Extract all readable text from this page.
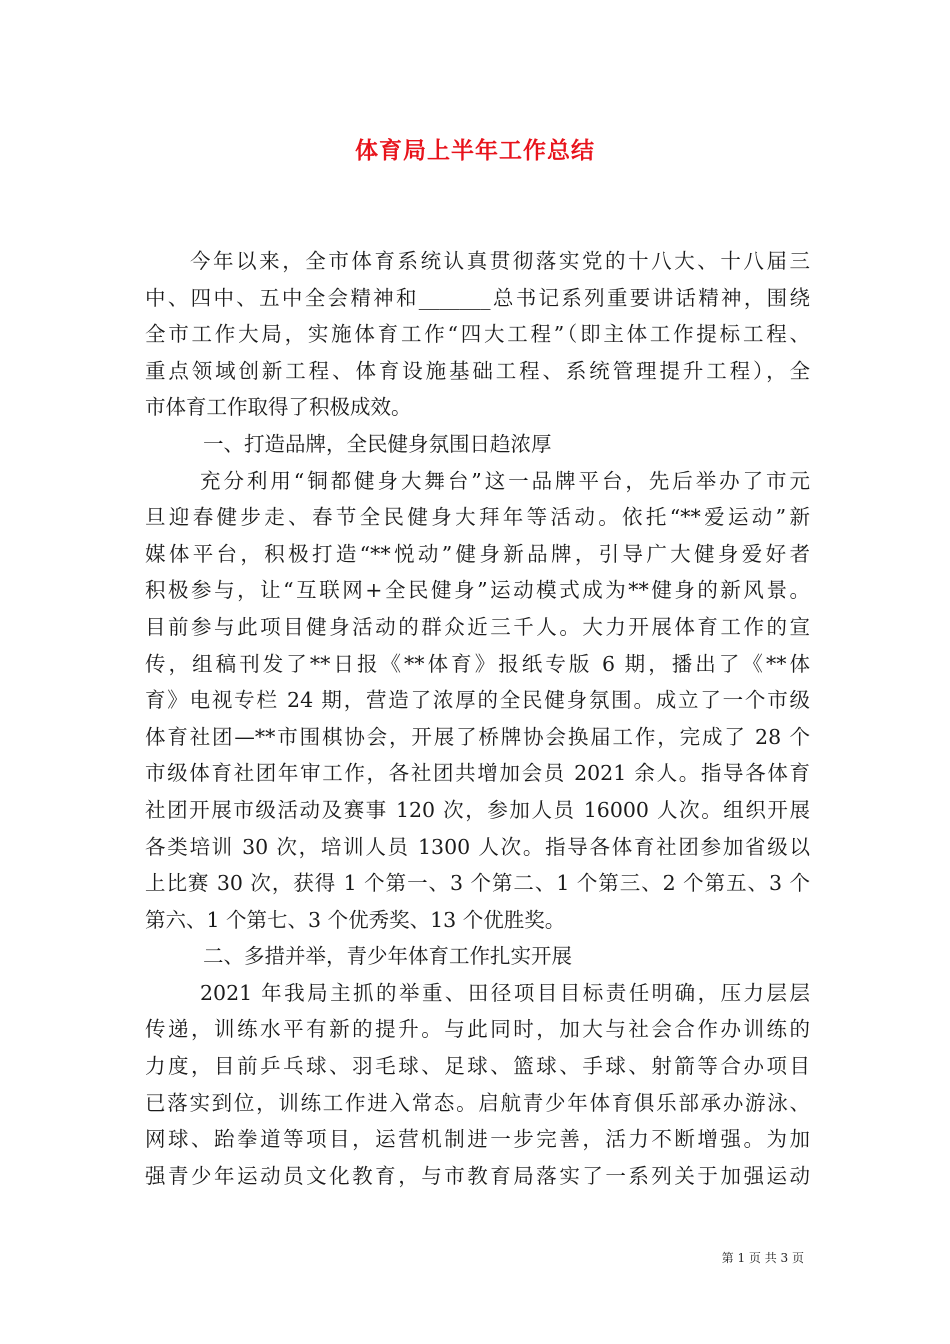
体育局上半年工作总结
今年以来，全市体育系统认真贯彻落实党的十八大、十八届三
中、四中、五中全会精神和_______总书记系列重要讲话精神，围绕
全市工作大局，实施体育工作“四大工程”（即主体工作提标工程、
重点领域创新工程、体育设施基础工程、系统管理提升工程），全
市体育工作取得了积极成效。
一、打造品牌，全民健身氛围日趋浓厚
充分利用“铜都健身大舞台”这一品牌平台，先后举办了市元
旦迎春健步走、春节全民健身大拜年等活动。依托“**爱运动”新
媒体平台，积极打造“**悦动”健身新品牌，引导广大健身爱好者
积极参与，让“互联网+全民健身”运动模式成为**健身的新风景。
目前参与此项目健身活动的群众近三千人。大力开展体育工作的宣
传，组稿刊发了**日报《**体育》报纸专版 6 期，播出了《**体
育》电视专栏 24 期，营造了浓厚的全民健身氛围。成立了一个市级
体育社团—**市围棋协会，开展了桥牌协会换届工作，完成了 28 个
市级体育社团年审工作，各社团共增加会员 2021 余人。指导各体育
社团开展市级活动及赛事 120 次，参加人员 16000 人次。组织开展
各类培训 30 次，培训人员 1300 人次。指导各体育社团参加省级以
上比赛 30 次，获得 1 个第一、3 个第二、1 个第三、2 个第五、3 个
第六、1 个第七、3 个优秀奖、13 个优胜奖。
二、多措并举，青少年体育工作扎实开展
2021 年我局主抓的举重、田径项目目标责任明确，压力层层
传递，训练水平有新的提升。与此同时，加大与社会合作办训练的
力度，目前乒乓球、羽毛球、足球、篮球、手球、射箭等合办项目
已落实到位，训练工作进入常态。启航青少年体育俱乐部承办游泳、
网球、跆拳道等项目，运营机制进一步完善，活力不断增强。为加
强青少年运动员文化教育，与市教育局落实了一系列关于加强运动
第 1 页 共 3 页
